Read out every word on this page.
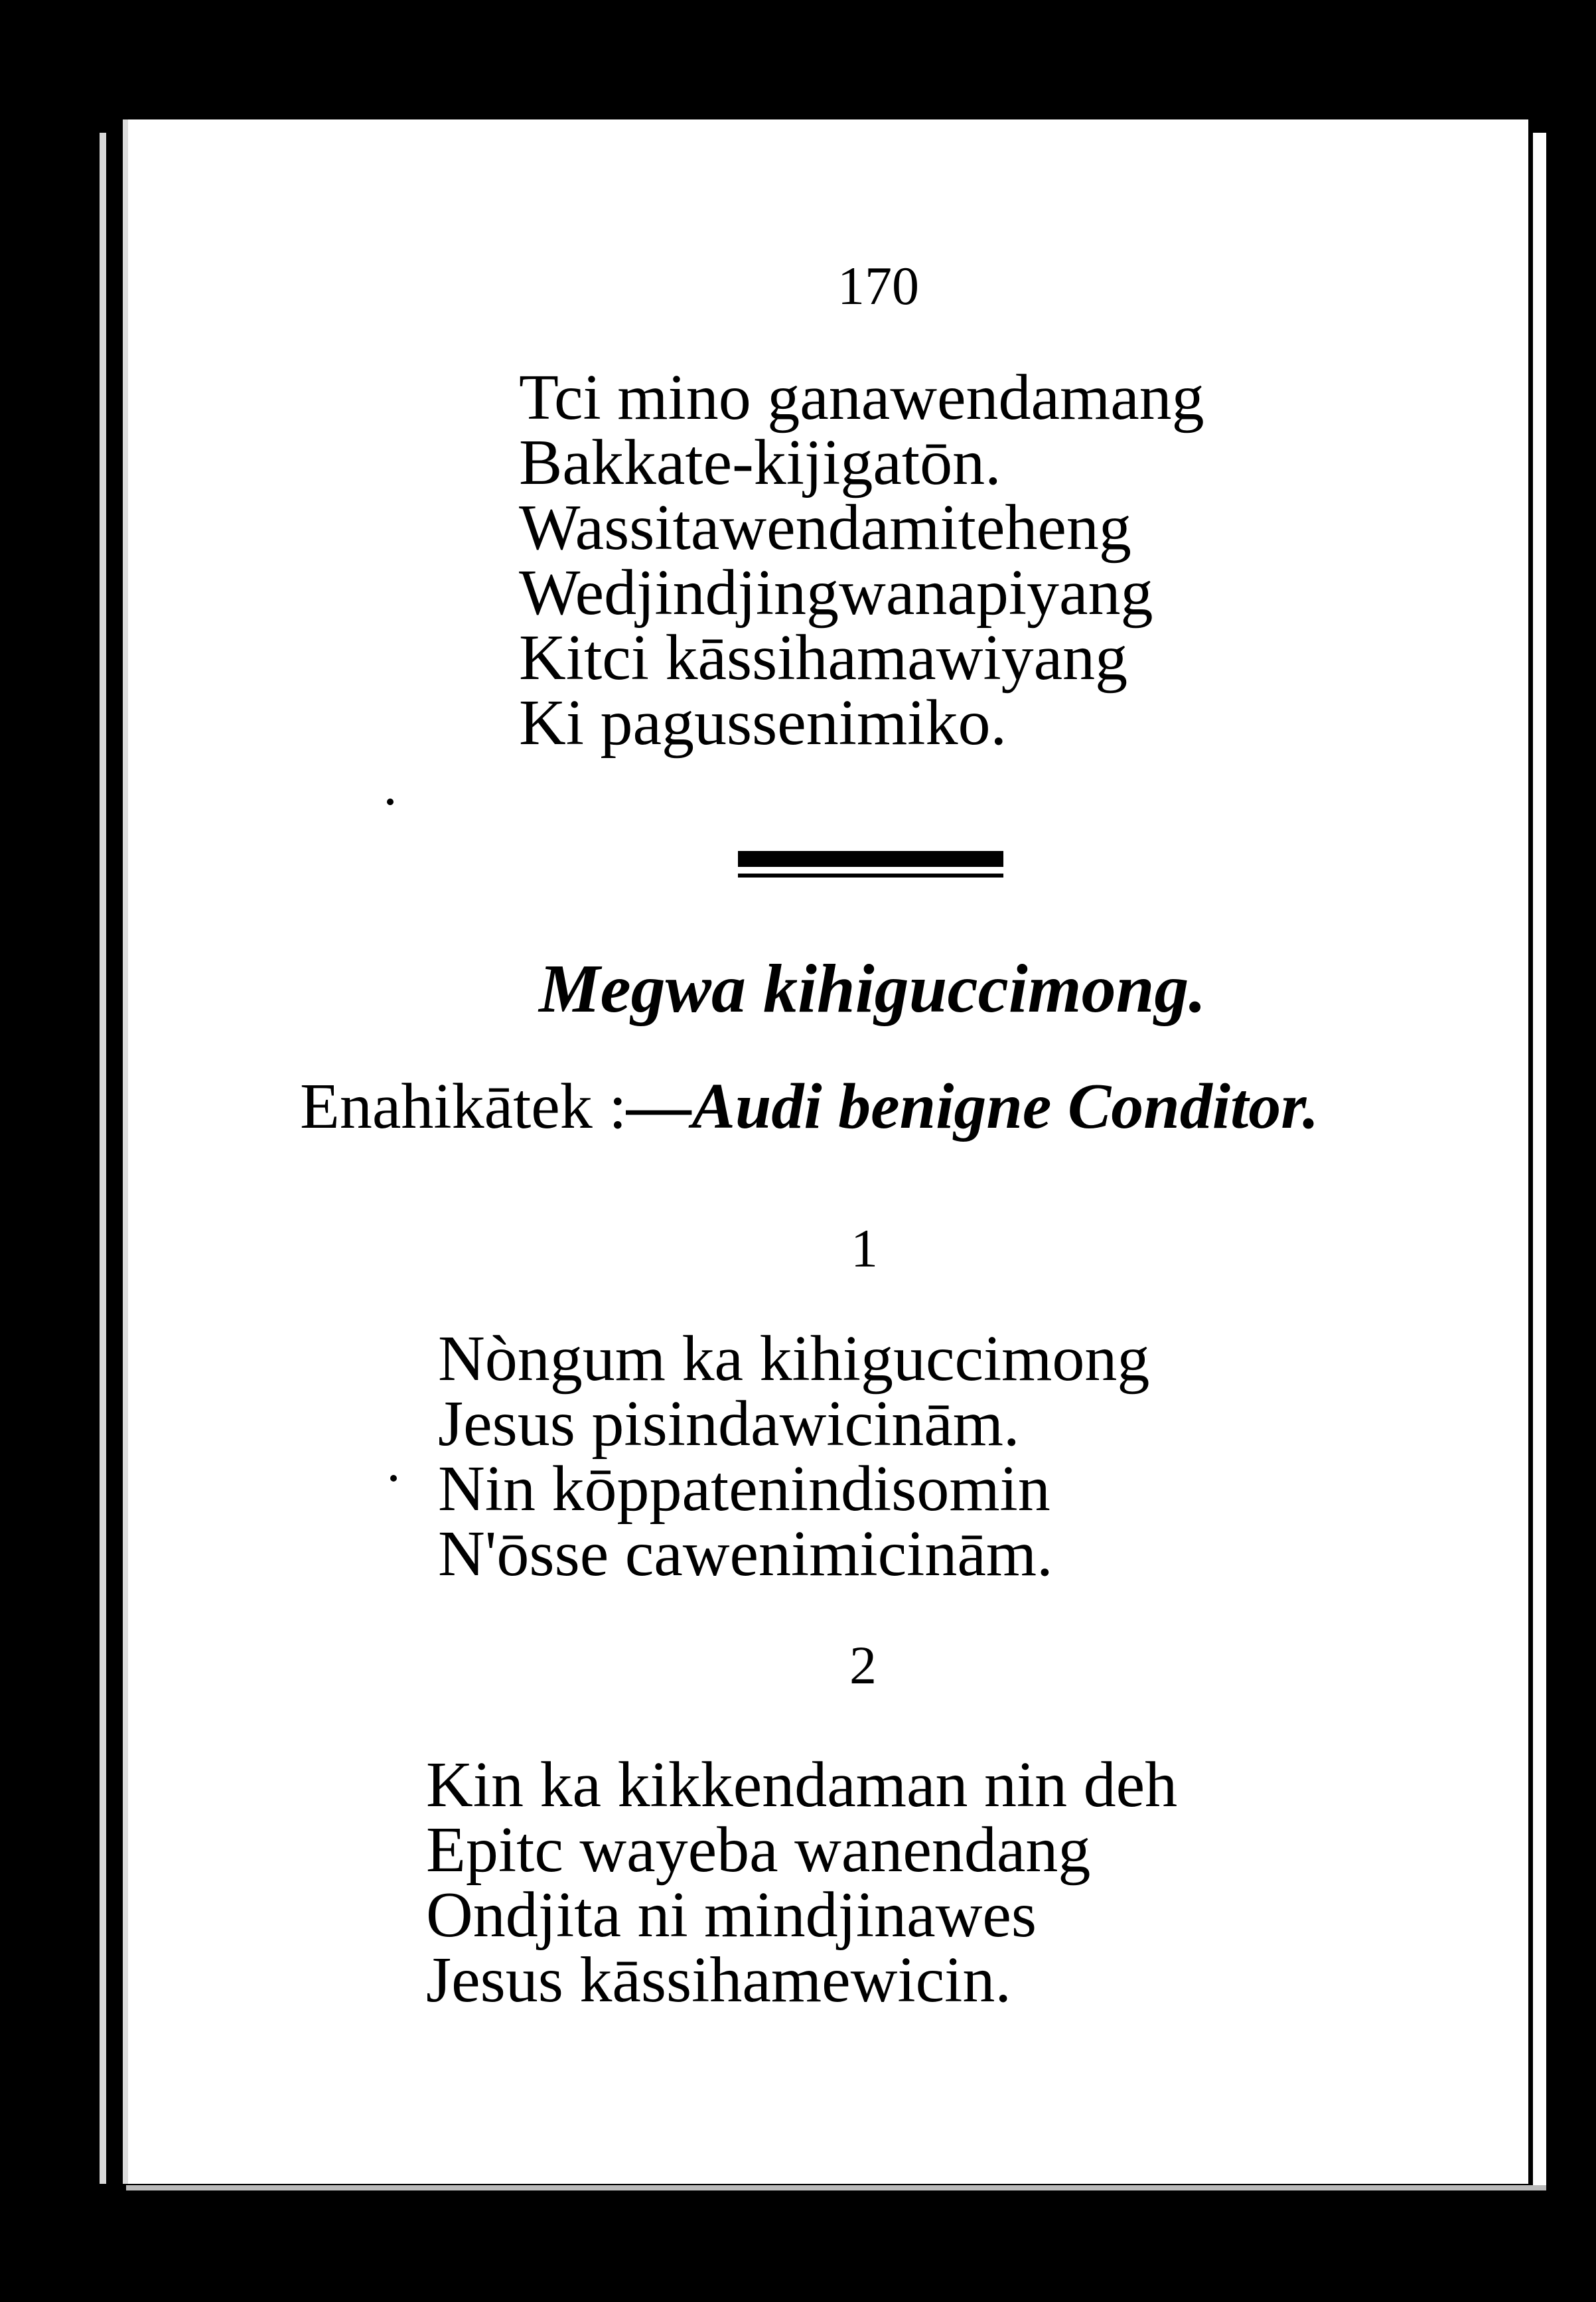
170
Tci mino ganawendamang
Bakkate-kijigatōn.
Wassitawendamiteheng
Wedjindjingwanapiyang
Kitci kāssihamawiyang
Ki pagussenimiko.
Megwa kihiguccimong.
Enahikātek :—Audi benigne Conditor.
1
Nòngum ka kihiguccimong
Jesus pisindawicinām.
Nin kōppatenindisomin
N'ōsse cawenimicinām.
2
Kin ka kikkendaman nin deh
Epitc wayeba wanendang
Ondjita ni mindjinawes
Jesus kāssihamewicin.
